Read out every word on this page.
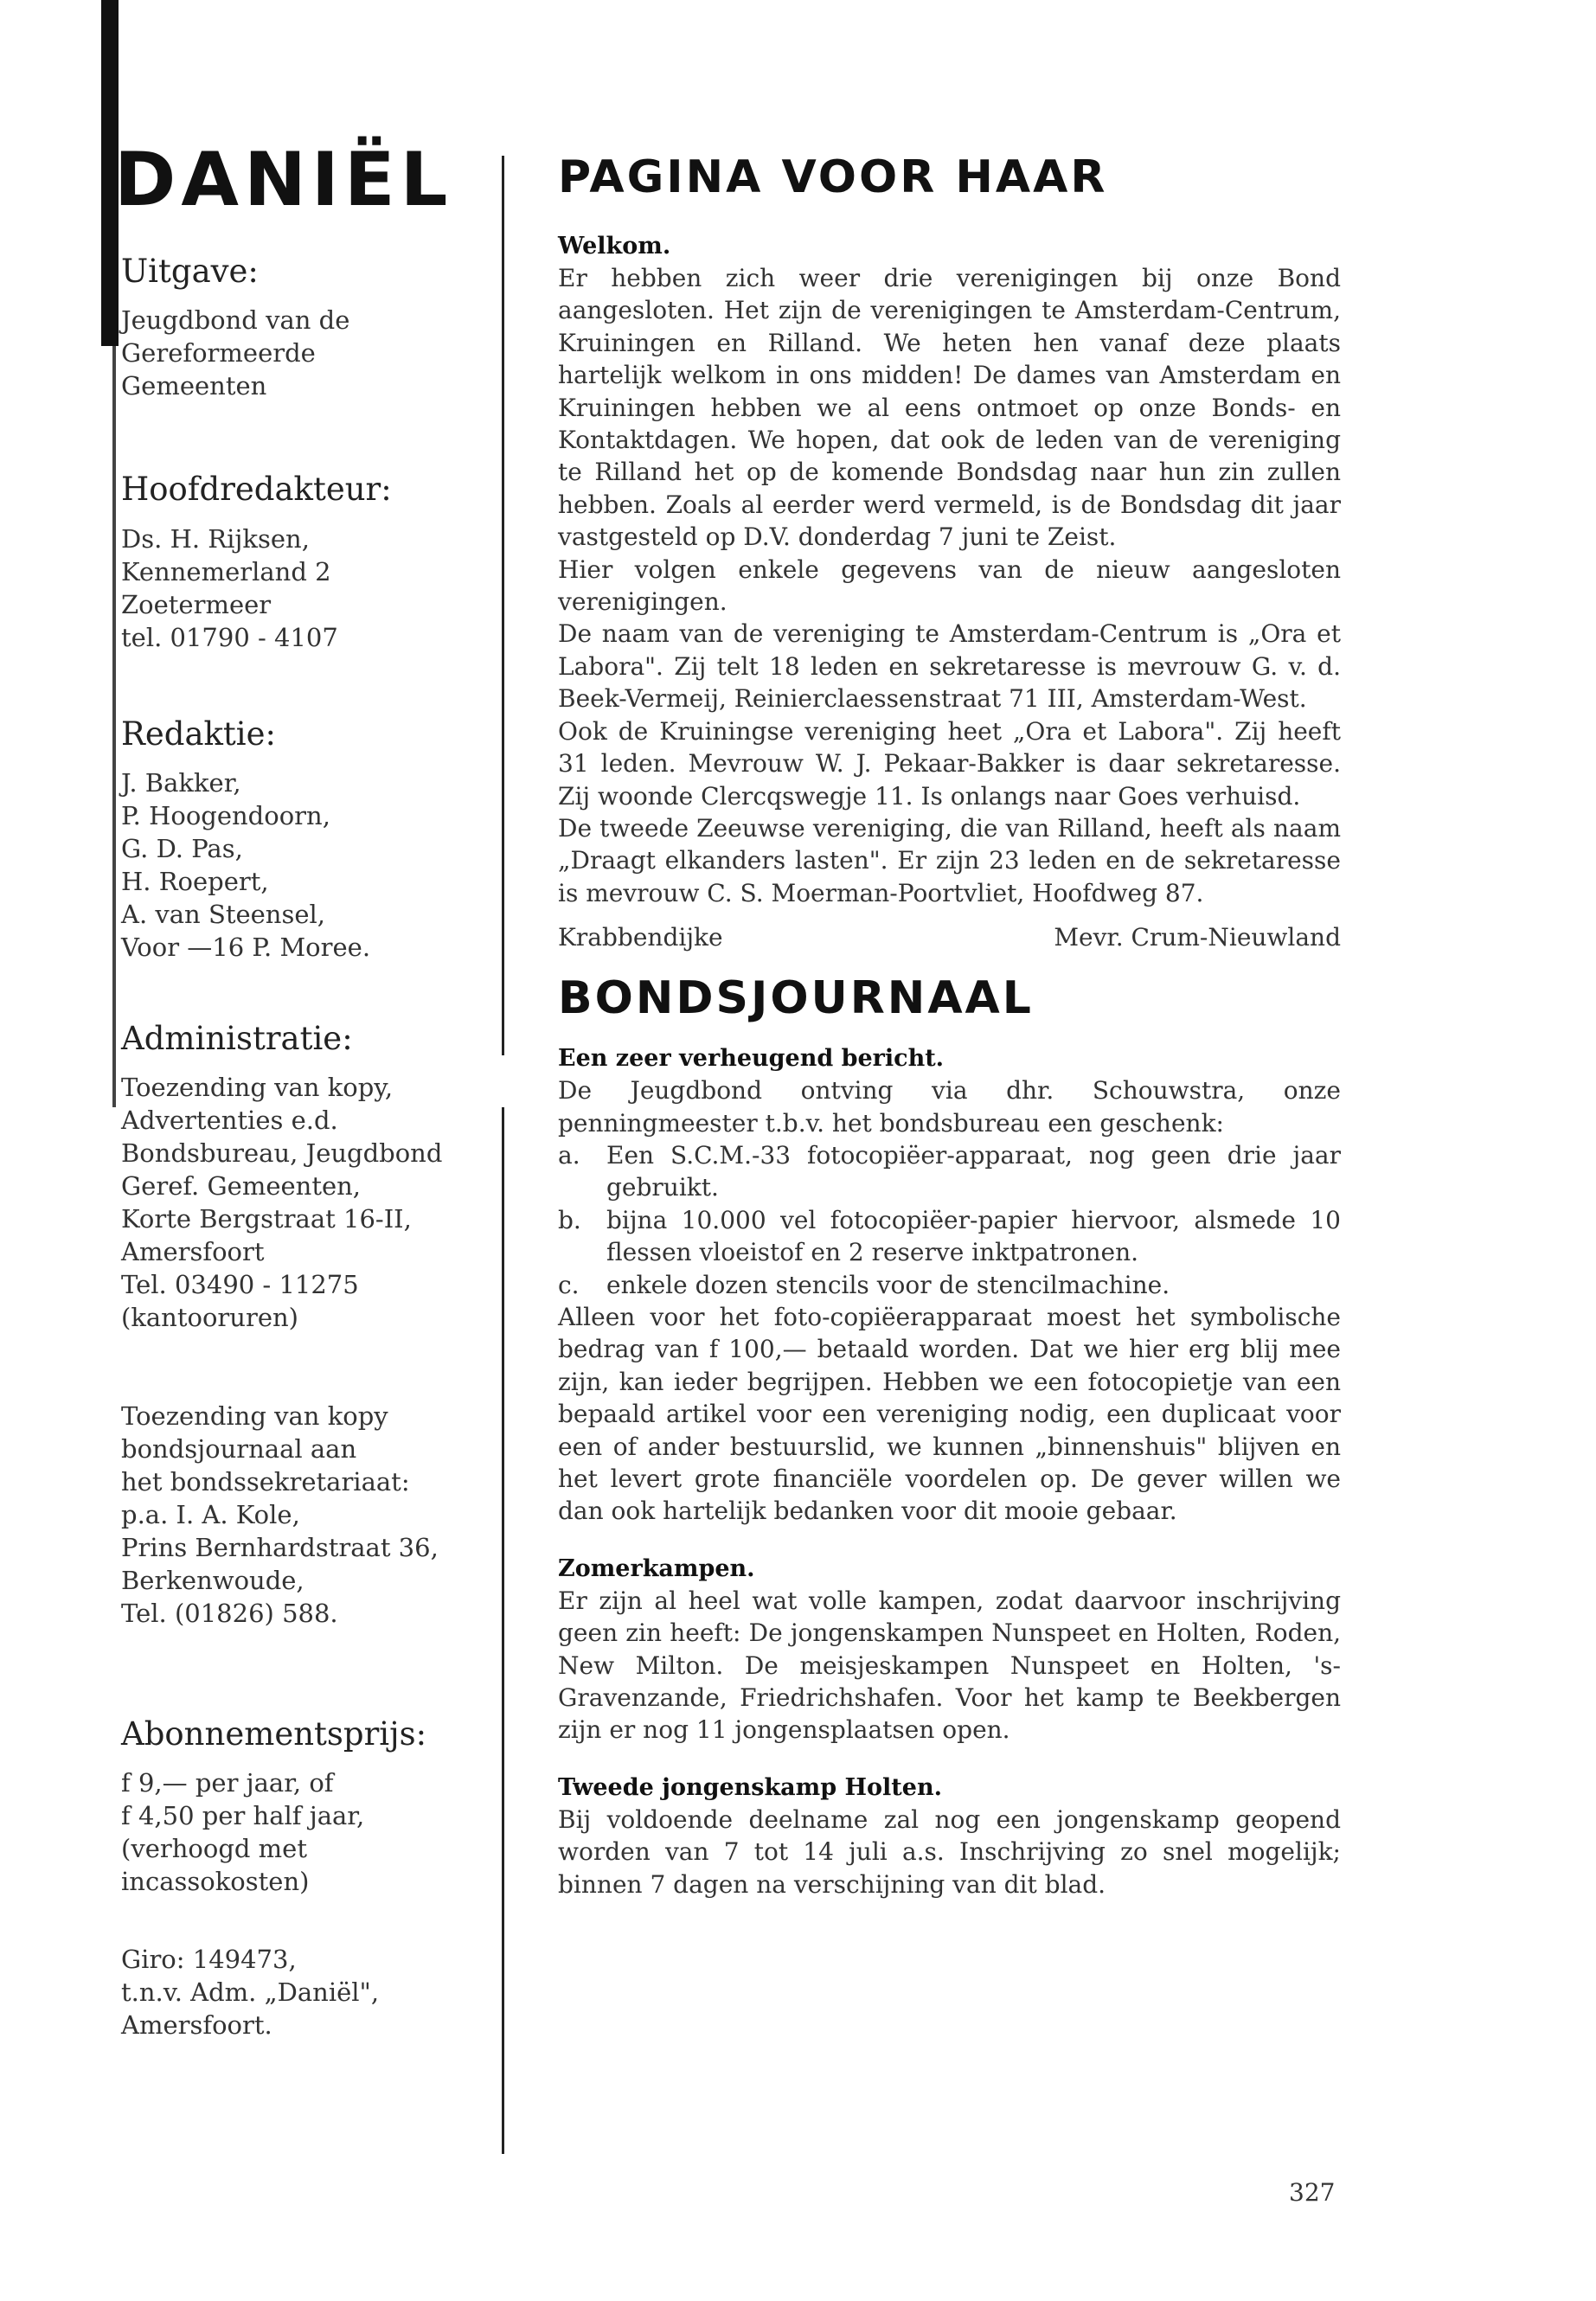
DANIËL
Uitgave:
Jeugdbond van de
Gereformeerde
Gemeenten
Hoofdredakteur:
Ds. H. Rijksen,
Kennemerland 2
Zoetermeer
tel. 01790 - 4107
Redaktie:
J. Bakker,
P. Hoogendoorn,
G. D. Pas,
H. Roepert,
A. van Steensel,
Voor —16 P. Moree.
Administratie:
Toezending van kopy,
Advertenties e.d.
Bondsbureau, Jeugdbond
Geref. Gemeenten,
Korte Bergstraat 16-II,
Amersfoort
Tel. 03490 - 11275
(kantooruren)
Toezending van kopy
bondsjournaal aan
het bondssekretariaat:
p.a. I. A. Kole,
Prins Bernhardstraat 36,
Berkenwoude,
Tel. (01826) 588.
Abonnementsprijs:
f 9,— per jaar, of
f 4,50 per half jaar,
(verhoogd met
incassokosten)
Giro: 149473,
t.n.v. Adm. „Daniël",
Amersfoort.
PAGINA VOOR HAAR
Welkom.

Er hebben zich weer drie verenigingen bij onze Bond aangesloten. Het zijn de verenigingen te Amsterdam-Centrum, Kruiningen en Rilland. We heten hen vanaf deze plaats hartelijk welkom in ons midden! De dames van Amsterdam en Kruiningen hebben we al eens ontmoet op onze Bonds- en Kontaktdagen. We hopen, dat ook de leden van de vereniging te Rilland het op de komende Bondsdag naar hun zin zullen hebben. Zoals al eerder werd vermeld, is de Bondsdag dit jaar vastgesteld op D.V. donderdag 7 juni te Zeist.

Hier volgen enkele gegevens van de nieuw aangesloten verenigingen.

De naam van de vereniging te Amsterdam-Centrum is „Ora et Labora". Zij telt 18 leden en sekretaresse is mevrouw G. v. d. Beek-Vermeij, Reinierclaessenstraat 71 III, Amsterdam-West.

Ook de Kruiningse vereniging heet „Ora et Labora". Zij heeft 31 leden. Mevrouw W. J. Pekaar-Bakker is daar sekretaresse. Zij woonde Clercqswegje 11. Is onlangs naar Goes verhuisd.

De tweede Zeeuwse vereniging, die van Rilland, heeft als naam „Draagt elkanders lasten". Er zijn 23 leden en de sekretaresse is mevrouw C. S. Moerman-Poortvliet, Hoofdweg 87.

Krabbendijke	Mevr. Crum-Nieuwland
BONDSJOURNAAL
Een zeer verheugend bericht.

De Jeugdbond ontving via dhr. Schouwstra, onze penningmeester t.b.v. het bondsbureau een geschenk:

a.	Een S.C.M.-33 fotocopiëer-apparaat, nog geen drie jaar gebruikt.
b.	bijna 10.000 vel fotocopiëer-papier hiervoor, alsmede 10 flessen vloeistof en 2 reserve inktpatronen.
c.	enkele dozen stencils voor de stencilmachine.

Alleen voor het foto-copiëerapparaat moest het symbolische bedrag van f 100,— betaald worden. Dat we hier erg blij mee zijn, kan ieder begrijpen. Hebben we een fotocopietje van een bepaald artikel voor een vereniging nodig, een duplicaat voor een of ander bestuurslid, we kunnen „binnenshuis" blijven en het levert grote financiële voordelen op. De gever willen we dan ook hartelijk bedanken voor dit mooie gebaar.

Zomerkampen.

Er zijn al heel wat volle kampen, zodat daarvoor inschrijving geen zin heeft: De jongenskampen Nunspeet en Holten, Roden, New Milton. De meisjeskampen Nunspeet en Holten, 's-Gravenzande, Friedrichshafen. Voor het kamp te Beekbergen zijn er nog 11 jongensplaatsen open.

Tweede jongenskamp Holten.

Bij voldoende deelname zal nog een jongenskamp geopend worden van 7 tot 14 juli a.s. Inschrijving zo snel mogelijk; binnen 7 dagen na verschijning van dit blad.

327
